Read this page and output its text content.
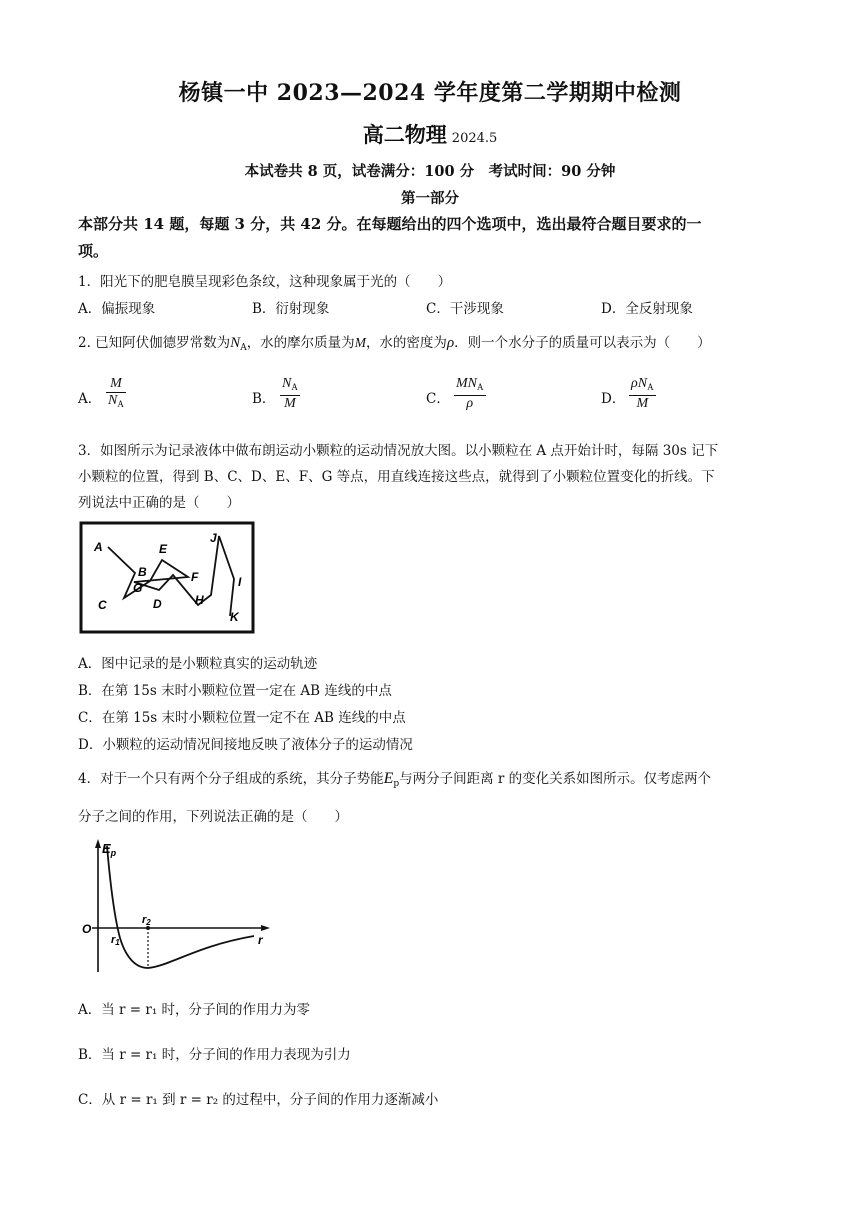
杨镇一中 2023—2024 学年度第二学期期中检测
高二物理 2024.5
本试卷共 8 页，试卷满分：100 分　考试时间：90 分钟
第一部分
本部分共 14 题，每题 3 分，共 42 分。在每题给出的四个选项中，选出最符合题目要求的一
项。
1．阳光下的肥皂膜呈现彩色条纹，这种现象属于光的（　　）
A．偏振现象	B．衍射现象	C．干涉现象	D．全反射现象
2. 已知阿伏伽德罗常数为$N_A$，水的摩尔质量为M，水的密度为ρ．则一个水分子的质量可以表示为（　　）
A．
M
$N_A$	B．
$N_A$
M	C．
$MN_A$
ρ	D．
$\rho N_A$
M
3．如图所示为记录液体中做布朗运动小颗粒的运动情况放大图。以小颗粒在 A 点开始计时，每隔 30s 记下
小颗粒的位置，得到 B、C、D、E、F、G 等点，用直线连接这些点，就得到了小颗粒位置变化的折线。下
列说法中正确的是（　　）
A
B
C	D
E
F
G
H
I
J
K
A．图中记录的是小颗粒真实的运动轨迹
B．在第 15s 末时小颗粒位置一定在 AB 连线的中点
C．在第 15s 末时小颗粒位置一定不在 AB 连线的中点
D．小颗粒的运动情况间接地反映了液体分子的运动情况
4．对于一个只有两个分子组成的系统，其分子势能$E_p$与两分子间距离 r 的变化关系如图所示。仅考虑两个
分子之间的作用，下列说法正确的是（　　）
$E_p$
O
r
r1
r2
A．当 r = r₁ 时，分子间的作用力为零
B．当 r = r₁ 时，分子间的作用力表现为引力
C．从 r = r₁ 到 r = r₂ 的过程中，分子间的作用力逐渐减小
